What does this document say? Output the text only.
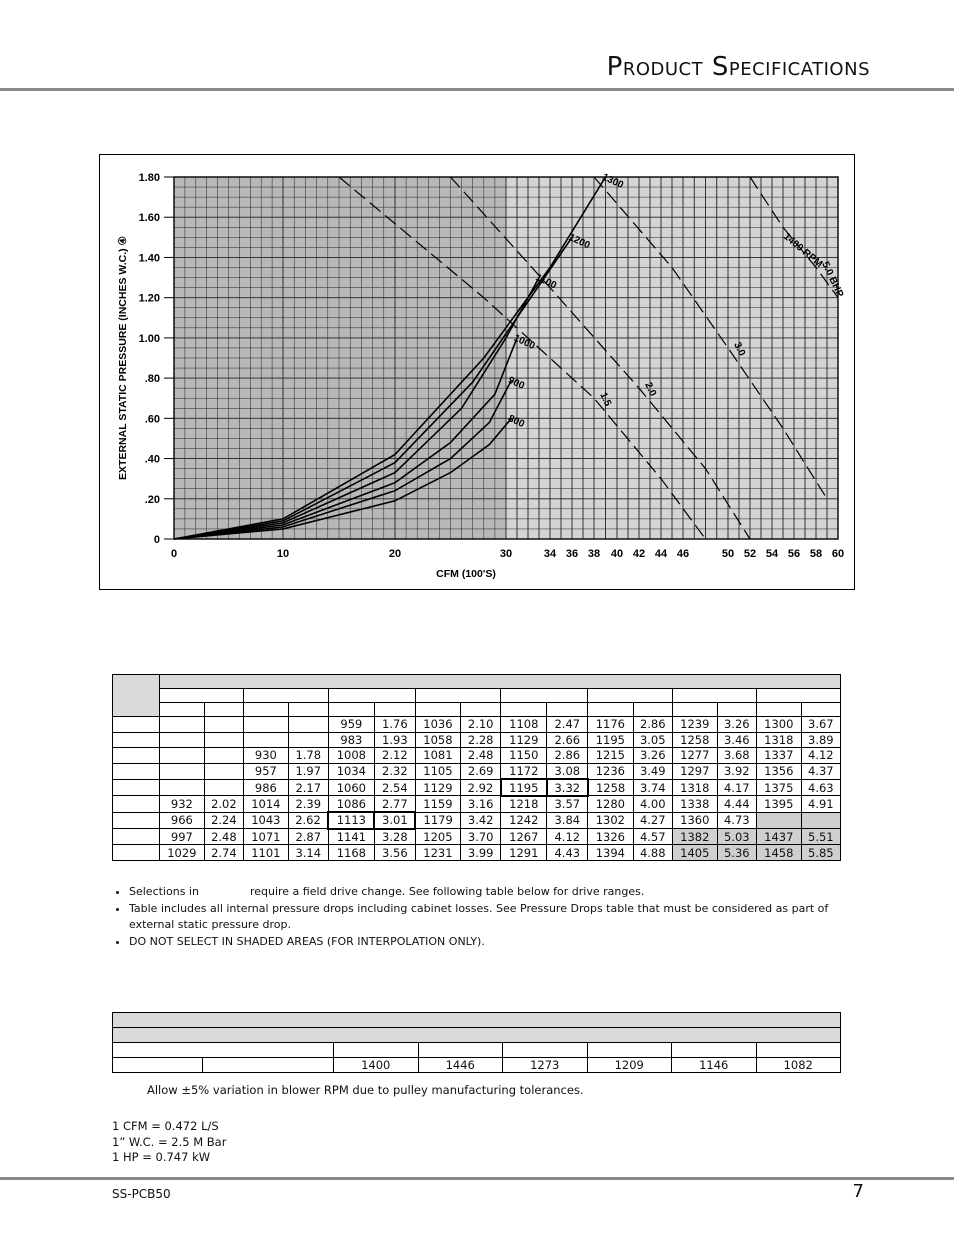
Product Specifications
0
.20
.40
.60
.80
1.00
1.20
1.40
1.60
1.80
0	10	20	30	34 36 38 40 42 44 46	50 52 54 56 58 60
CFM (100'S)
EXTERNAL STATIC PRESSURE (INCHES W.C.) ④	800
900
1000
1100
1200
1300
1.5
2.0
3.0
5.0 BHP
1400 RPM

					959	1.76	1036	2.10	1108	2.47	1176	2.86	1239	3.26	1300	3.67
					983	1.93	1058	2.28	1129	2.66	1195	3.05	1258	3.46	1318	3.89
			930	1.78	1008	2.12	1081	2.48	1150	2.86	1215	3.26	1277	3.68	1337	4.12
			957	1.97	1034	2.32	1105	2.69	1172	3.08	1236	3.49	1297	3.92	1356	4.37
			986	2.17	1060	2.54	1129	2.92	1195	3.32	1258	3.74	1318	4.17	1375	4.63
	932	2.02	1014	2.39	1086	2.77	1159	3.16	1218	3.57	1280	4.00	1338	4.44	1395	4.91
	966	2.24	1043	2.62	1113	3.01	1179	3.42	1242	3.84	1302	4.27	1360	4.73		
	997	2.48	1071	2.87	1141	3.28	1205	3.70	1267	4.12	1326	4.57	1382	5.03	1437	5.51
	1029	2.74	1101	3.14	1168	3.56	1231	3.99	1291	4.43	1394	4.88	1405	5.36	1458	5.85
• Selections in	require a field drive change. See following table below for drive ranges.
• Table includes all internal pressure drops including cabinet losses. See Pressure Drops table that must be considered as part of external static pressure drop.
• DO NOT SELECT IN SHADED AREAS (FOR INTERPOLATION ONLY).

		1400	1446	1273	1209	1146	1082
Allow ±5% variation in blower RPM due to pulley manufacturing tolerances.
1 CFM = 0.472 L/S
1” W.C. = 2.5 M Bar
1 HP = 0.747 kW
SS-PCB50	7
